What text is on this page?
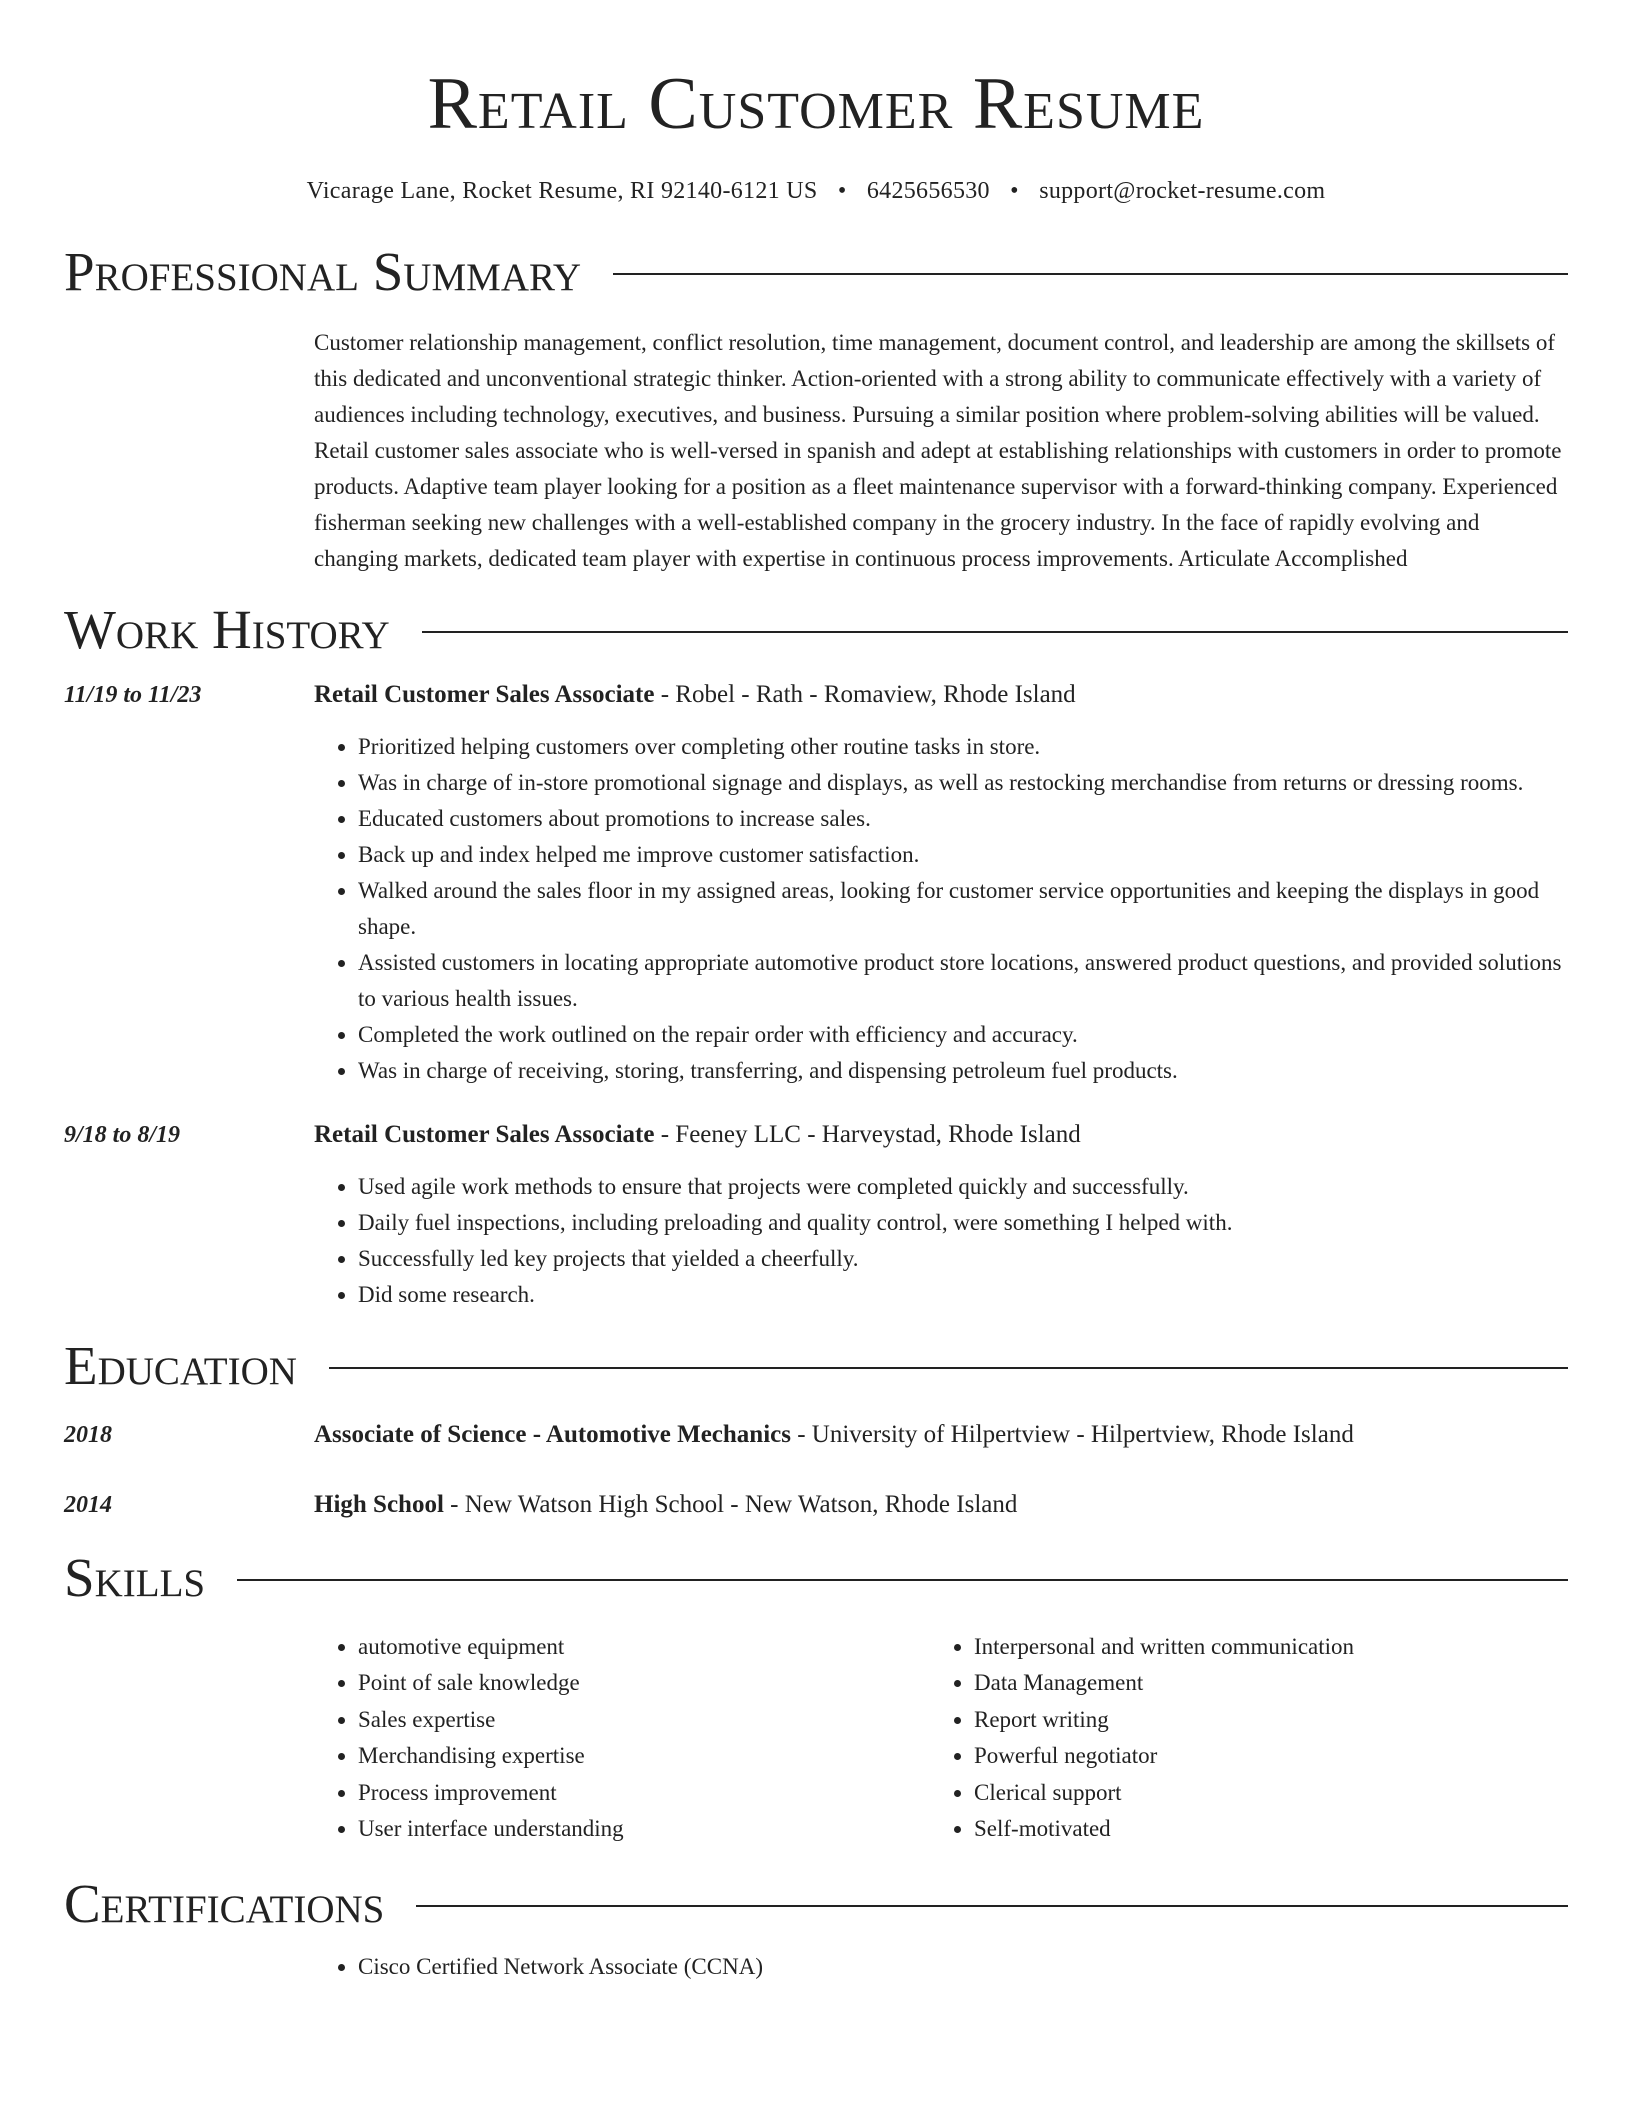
Retail Customer Resume
Vicarage Lane, Rocket Resume, RI 92140-6121 US • 6425656530 • support@rocket-resume.com
Professional Summary

Customer relationship management, conflict resolution, time management, document control, and leadership are among the skillsets of this dedicated and unconventional strategic thinker. Action-oriented with a strong ability to communicate effectively with a variety of audiences including technology, executives, and business. Pursuing a similar position where problem-solving abilities will be valued. Retail customer sales associate who is well-versed in spanish and adept at establishing relationships with customers in order to promote products. Adaptive team player looking for a position as a fleet maintenance supervisor with a forward-thinking company. Experienced fisherman seeking new challenges with a well-established company in the grocery industry. In the face of rapidly evolving and changing markets, dedicated team player with expertise in continuous process improvements. Articulate Accomplished

Work History
11/19 to 11/23	Retail Customer Sales Associate - Robel - Rath - Romaview, Rhode Island
• Prioritized helping customers over completing other routine tasks in store.
• Was in charge of in-store promotional signage and displays, as well as restocking merchandise from returns or dressing rooms.
• Educated customers about promotions to increase sales.
• Back up and index helped me improve customer satisfaction.
• Walked around the sales floor in my assigned areas, looking for customer service opportunities and keeping the displays in good shape.
• Assisted customers in locating appropriate automotive product store locations, answered product questions, and provided solutions to various health issues.
• Completed the work outlined on the repair order with efficiency and accuracy.
• Was in charge of receiving, storing, transferring, and dispensing petroleum fuel products.
9/18 to 8/19	Retail Customer Sales Associate - Feeney LLC - Harveystad, Rhode Island
• Used agile work methods to ensure that projects were completed quickly and successfully.
• Daily fuel inspections, including preloading and quality control, were something I helped with.
• Successfully led key projects that yielded a cheerfully.
• Did some research.
Education
2018	Associate of Science - Automotive Mechanics - University of Hilpertview - Hilpertview, Rhode Island
2014	High School - New Watson High School - New Watson, Rhode Island
Skills
• automotive equipment
• Point of sale knowledge
• Sales expertise
• Merchandising expertise
• Process improvement
• User interface understanding
• Interpersonal and written communication
• Data Management
• Report writing
• Powerful negotiator
• Clerical support
• Self-motivated
Certifications
• Cisco Certified Network Associate (CCNA)
